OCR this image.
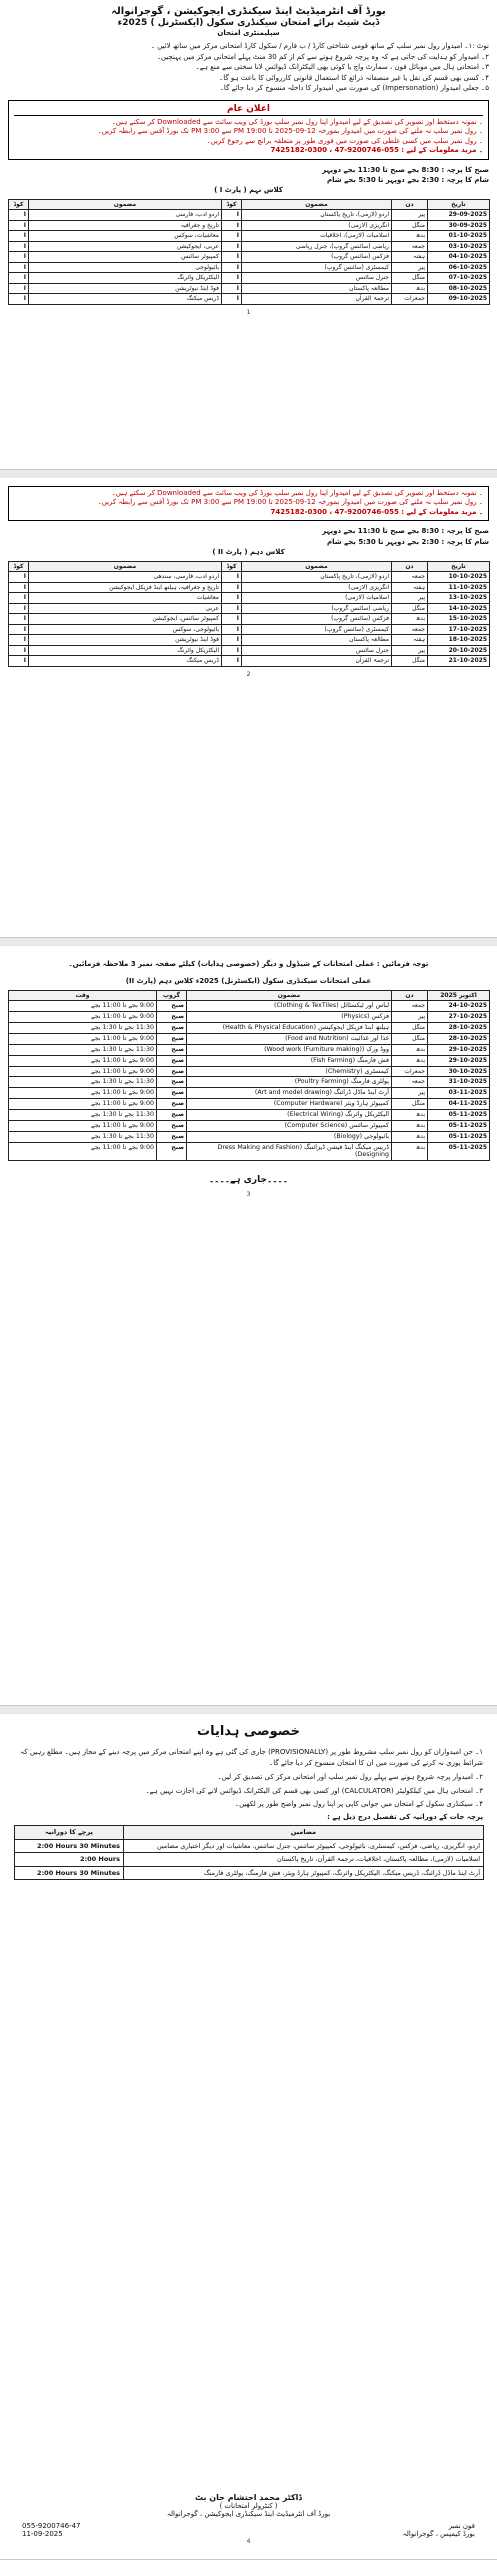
بورڈ آف انٹرمیڈیٹ اینڈ سیکنڈری ایجوکیشن ، گوجرانوالہ
ڈیٹ شیٹ برائے امتحان سیکنڈری سکول (ایکسٹرنل ) 2025ء
سپلیمنٹری امتحان
نوٹ :۱۔ امیدوار رول نمبر سلپ کے ساتھ قومی شناختی کارڈ / ب فارم / سکول کارڈ امتحانی مرکز میں ساتھ لائیں ۔
۲۔ امیدوار کو ہدایت کی جاتی ہے کہ وہ پرچہ شروع ہونے سے کم از کم 30 منٹ پہلے امتحانی مرکز میں پہنچیں۔
۳۔ امتحانی ہال میں موبائل فون ، سمارٹ واچ یا کوئی بھی الیکٹرانک ڈیوائس لانا سختی سے منع ہے۔
۴۔ کسی بھی قسم کی نقل یا غیر منصفانہ ذرائع کا استعمال قانونی کارروائی کا باعث ہو گا۔
۵۔ جعلی امیدوار (Impersonation) کی صورت میں امیدوار کا داخلہ منسوخ کر دیا جائے گا۔
اعلان عام
۔ نمونہ دستخط اور تصویر کی تصدیق کے لیے امیدوار اپنا رول نمبر سلپ بورڈ کی ویب سائٹ سے Downloaded کر سکتے ہیں۔
۔ رول نمبر سلپ نہ ملنے کی صورت میں امیدوار بمورخہ 12-09-2025 تا 19:00 PM سے 3:00 PM تک بورڈ آفس سے رابطہ کریں۔
۔ رول نمبر سلپ میں کسی غلطی کی صورت میں فوری طور پر متعلقہ برانچ سے رجوع کریں۔
۔ مزید معلومات کے لیے : 055-9200746-47 ، 0300-7425182
صبح کا پرچہ : 8:30 بجے صبح تا 11:30 بجے دوپہر
شام کا پرچہ : 2:30 بجے دوپہر تا 5:30 بجے شام
کلاس نہم ( پارٹ I )
تاریخ	دن	مضمون	کوڈ	مضمون	کوڈ
29-09-2025	پیر	اردو (لازمی)، تاریخ پاکستان	I	اردو ادب، فارسی	I
30-09-2025	منگل	انگریزی (لازمی)	I	تاریخ و جغرافیہ	I
01-10-2025	بدھ	اسلامیات (لازمی)، اخلاقیات	I	معاشیات، سوکس	I
03-10-2025	جمعہ	ریاضی (سائنس گروپ)، جنرل ریاضی	I	عربی، ایجوکیشن	I
04-10-2025	ہفتہ	فزکس (سائنس گروپ)	I	کمپیوٹر سائنس	I
06-10-2025	پیر	کیمسٹری (سائنس گروپ)	I	بائیولوجی	I
07-10-2025	منگل	جنرل سائنس	I	الیکٹریکل وائرنگ	I
08-10-2025	بدھ	مطالعہ پاکستان	I	فوڈ اینڈ نیوٹریشن	I
09-10-2025	جمعرات	ترجمۃ القرآن	I	ڈریس میکنگ	I
1
۔ نمونہ دستخط اور تصویر کی تصدیق کے لیے امیدوار اپنا رول نمبر سلپ بورڈ کی ویب سائٹ سے Downloaded کر سکتے ہیں۔
۔ رول نمبر سلپ نہ ملنے کی صورت میں امیدوار بمورخہ 12-09-2025 تا 19:00 PM سے 3:00 PM تک بورڈ آفس سے رابطہ کریں۔
۔ مزید معلومات کے لیے : 055-9200746-47 ، 0300-7425182
صبح کا پرچہ : 8:30 بجے صبح تا 11:30 بجے دوپہر
شام کا پرچہ : 2:30 بجے دوپہر تا 5:30 بجے شام
کلاس دہم ( پارٹ II )
تاریخ	دن	مضمون	کوڈ	مضمون	کوڈ
10-10-2025	جمعہ	اردو (لازمی)، تاریخ پاکستان	I	اردو ادب، فارسی، سندھی	I
11-10-2025	ہفتہ	انگریزی (لازمی)	I	تاریخ و جغرافیہ، ہیلتھ اینڈ فزیکل ایجوکیشن	I
13-10-2025	پیر	اسلامیات (لازمی)	I	معاشیات	I
14-10-2025	منگل	ریاضی (سائنس گروپ)	I	عربی	I
15-10-2025	بدھ	فزکس (سائنس گروپ)	I	کمپیوٹر سائنس، ایجوکیشن	I
17-10-2025	جمعہ	کیمسٹری (سائنس گروپ)	I	بائیولوجی، سوکس	I
18-10-2025	ہفتہ	مطالعہ پاکستان	I	فوڈ اینڈ نیوٹریشن	I
20-10-2025	پیر	جنرل سائنس	I	الیکٹریکل وائرنگ	I
21-10-2025	منگل	ترجمۃ القرآن	I	ڈریس میکنگ	I
2
توجہ فرمائیں : عملی امتحانات کے شیڈول و دیگر (خصوصی ہدایات) کیلئے صفحہ نمبر 3 ملاحظہ فرمائیں۔
عملی امتحانات سیکنڈری سکول (ایکسٹرنل) 2025ء کلاس دہم (پارٹ II)
اکتوبر 2025	دن	مضمون	گروپ	وقت
24-10-2025	جمعہ	لباس اور ٹیکسٹائل (Clothing & TexTiles)	صبح	9:00 بجے تا 11:00 بجے
27-10-2025	پیر	فزکس (Physics)	صبح	9:00 بجے تا 11:00 بجے
28-10-2025	منگل	ہیلتھ اینڈ فزیکل ایجوکیشن (Health & Physical Education)	صبح	11:30 بجے تا 1:30 بجے
28-10-2025	منگل	غذا اور غذائیت (Food and Nutrition)	صبح	9:00 بجے تا 11:00 بجے
29-10-2025	بدھ	ووڈ ورک (Wood work (Furniture making))	صبح	11:30 بجے تا 1:30 بجے
29-10-2025	بدھ	فش فارمنگ (Fish Farming)	صبح	9:00 بجے تا 11:00 بجے
30-10-2025	جمعرات	کیمسٹری (Chemistry)	صبح	9:00 بجے تا 11:00 بجے
31-10-2025	جمعہ	پولٹری فارمنگ (Poultry Farming)	صبح	11:30 بجے تا 1:30 بجے
03-11-2025	پیر	آرٹ اینڈ ماڈل ڈرائنگ (Art and model drawing)	صبح	9:00 بجے تا 11:00 بجے
04-11-2025	منگل	کمپیوٹر ہارڈ ویئر (Computer Hardware)	صبح	9:00 بجے تا 11:00 بجے
05-11-2025	بدھ	الیکٹریکل وائرنگ (Electrical Wiring)	صبح	11:30 بجے تا 1:30 بجے
05-11-2025	بدھ	کمپیوٹر سائنس (Computer Science)	صبح	9:00 بجے تا 11:00 بجے
05-11-2025	بدھ	بائیولوجی (Biology)	صبح	11:30 بجے تا 1:30 بجے
05-11-2025	بدھ	ڈریس میکنگ اینڈ فیشن ڈیزائننگ (Dress Making and Fashion Designing)	صبح	9:00 بجے تا 11:00 بجے
۔۔۔۔جاری ہے۔۔۔۔
3
خصوصی ہدایات
۱۔ جن امیدواران کو رول نمبر سلپ مشروط طور پر (PROVISIONALLY) جاری کی گئی ہے وہ اپنے امتحانی مرکز میں پرچہ دینے کے مجاز ہیں۔ مطلع رہیں کہ شرائط پوری نہ کرنے کی صورت میں ان کا امتحان منسوخ کر دیا جائے گا۔
۲۔ امیدوار پرچہ شروع ہونے سے پہلے رول نمبر سلپ اور امتحانی مرکز کی تصدیق کر لیں۔
۳۔ امتحانی ہال میں کیلکولیٹر (CALCULATOR) اور کسی بھی قسم کی الیکٹرانک ڈیوائس لانے کی اجازت نہیں ہے۔
۴۔ سیکنڈری سکول کے امتحان میں جوابی کاپی پر اپنا رول نمبر واضح طور پر لکھیں۔
پرچہ جات کے دورانیہ کی تفصیل درج ذیل ہے :
مضامین	پرچے کا دورانیہ
اردو، انگریزی، ریاضی، فزکس، کیمسٹری، بائیولوجی، کمپیوٹر سائنس، جنرل سائنس، معاشیات اور دیگر اختیاری مضامین	2:00 Hours 30 Minutes
اسلامیات (لازمی)، مطالعہ پاکستان، اخلاقیات، ترجمۃ القرآن، تاریخ پاکستان	2:00 Hours
آرٹ اینڈ ماڈل ڈرائنگ، ڈریس میکنگ، الیکٹریکل وائرنگ، کمپیوٹر ہارڈ ویئر، فش فارمنگ، پولٹری فارمنگ	2:00 Hours 30 Minutes
ڈاکٹر محمد احتشام جان بٹ
( کنٹرولر امتحانات )
بورڈ آف انٹرمیڈیٹ اینڈ سیکنڈری ایجوکیشن ، گوجرانوالہ
055-9200746-47	فون نمبر
11-09-2025	بورڈ کیمپس ، گوجرانوالہ
4
